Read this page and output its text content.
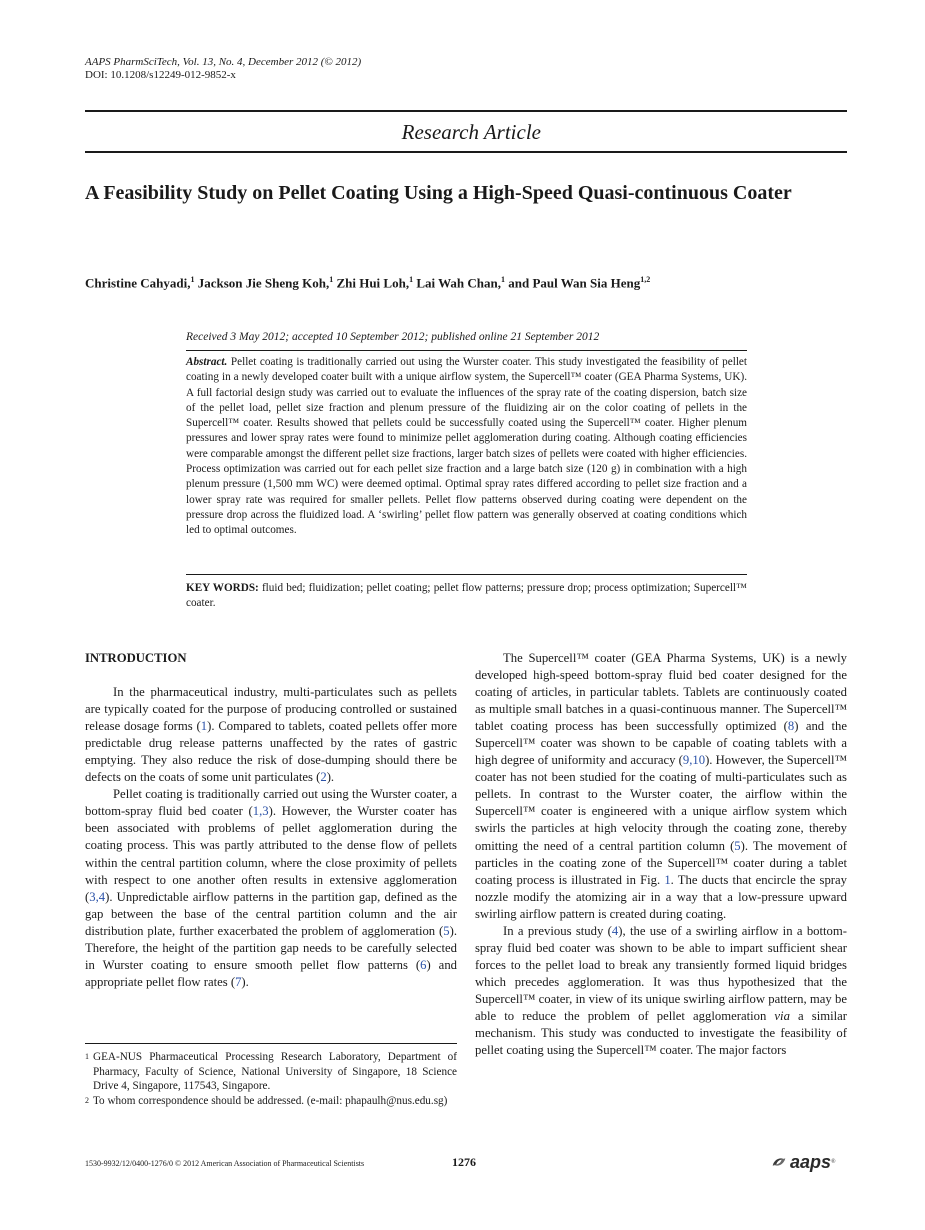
AAPS PharmSciTech, Vol. 13, No. 4, December 2012 (© 2012)
DOI: 10.1208/s12249-012-9852-x
Research Article
A Feasibility Study on Pellet Coating Using a High-Speed Quasi-continuous Coater
Christine Cahyadi,$^1$ Jackson Jie Sheng Koh,$^1$ Zhi Hui Loh,$^1$ Lai Wah Chan,$^1$ and Paul Wan Sia Heng$^{1,2}$
Received 3 May 2012; accepted 10 September 2012; published online 21 September 2012
Abstract. Pellet coating is traditionally carried out using the Wurster coater. This study investigated the feasibility of pellet coating in a newly developed coater built with a unique airflow system, the Supercell™ coater (GEA Pharma Systems, UK). A full factorial design study was carried out to evaluate the influences of the spray rate of the coating dispersion, batch size of the pellet load, pellet size fraction and plenum pressure of the fluidizing air on the color coating of pellets in the Supercell™ coater. Results showed that pellets could be successfully coated using the Supercell™ coater. Higher plenum pressures and lower spray rates were found to minimize pellet agglomeration during coating. Although coating efficiencies were comparable amongst the different pellet size fractions, larger batch sizes of pellets were coated with higher efficiencies. Process optimization was carried out for each pellet size fraction and a large batch size (120 g) in combination with a high plenum pressure (1,500 mm WC) were deemed optimal. Optimal spray rates differed according to pellet size fraction and a lower spray rate was required for smaller pellets. Pellet flow patterns observed during coating were dependent on the pressure drop across the fluidized load. A ‘swirling’ pellet flow pattern was generally observed at coating conditions which led to optimal outcomes.
KEY WORDS: fluid bed; fluidization; pellet coating; pellet flow patterns; pressure drop; process optimization; Supercell™ coater.
INTRODUCTION

In the pharmaceutical industry, multi-particulates such as pellets are typically coated for the purpose of producing controlled or sustained release dosage forms (1). Compared to tablets, coated pellets offer more predictable drug release patterns unaffected by the rates of gastric emptying. They also reduce the risk of dose-dumping should there be defects on the coats of some unit particulates (2).

Pellet coating is traditionally carried out using the Wurster coater, a bottom-spray fluid bed coater (1,3). However, the Wurster coater has been associated with problems of pellet agglomeration during the coating process. This was partly attributed to the dense flow of pellets within the central partition column, where the close proximity of pellets with respect to one another often results in extensive agglomeration (3,4). Unpredictable airflow patterns in the partition gap, defined as the gap between the base of the central partition column and the air distribution plate, further exacerbated the problem of agglomeration (5). Therefore, the height of the partition gap needs to be carefully selected in Wurster coating to ensure smooth pellet flow patterns (6) and appropriate pellet flow rates (7).

1 GEA-NUS Pharmaceutical Processing Research Laboratory, Department of Pharmacy, Faculty of Science, National University of Singapore, 18 Science Drive 4, Singapore, 117543, Singapore.
2 To whom correspondence should be addressed. (e-mail: phapaulh@nus.edu.sg)

The Supercell™ coater (GEA Pharma Systems, UK) is a newly developed high-speed bottom-spray fluid bed coater designed for the coating of articles, in particular tablets. Tablets are continuously coated as multiple small batches in a quasi-continuous manner. The Supercell™ tablet coating process has been successfully optimized (8) and the Supercell™ coater was shown to be capable of coating tablets with a high degree of uniformity and accuracy (9,10). However, the Supercell™ coater has not been studied for the coating of multi-particulates such as pellets. In contrast to the Wurster coater, the airflow within the Supercell™ coater is engineered with a unique airflow system which swirls the particles at high velocity through the coating zone, thereby omitting the need of a central partition column (5). The movement of particles in the coating zone of the Supercell™ coater during a tablet coating process is illustrated in Fig. 1. The ducts that encircle the spray nozzle modify the atomizing air in a way that a low-pressure upward swirling airflow pattern is created during coating.

In a previous study (4), the use of a swirling airflow in a bottom-spray fluid bed coater was shown to be able to impart sufficient shear forces to the pellet load to break any transiently formed liquid bridges which precedes agglomeration. It was thus hypothesized that the Supercell™ coater, in view of its unique swirling airflow pattern, may be able to reduce the problem of pellet agglomeration via a similar mechanism. This study was conducted to investigate the feasibility of pellet coating using the Supercell™ coater. The major factors

1530-9932/12/0400-1276/0 © 2012 American Association of Pharmaceutical Scientists	1276	aaps ®
